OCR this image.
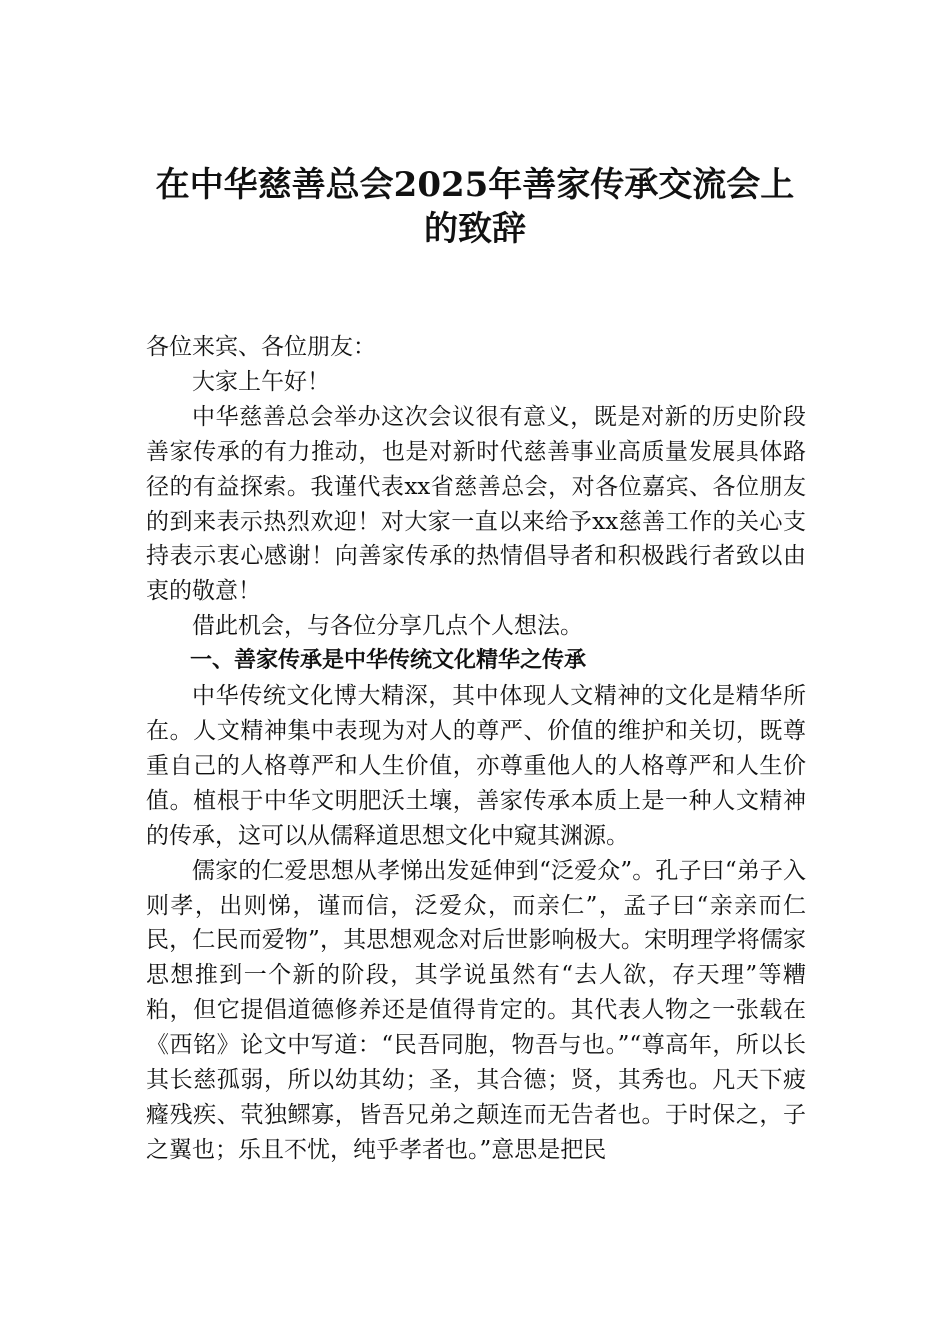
在中华慈善总会2025年善家传承交流会上
的致辞

各位来宾、各位朋友：

大家上午好！

中华慈善总会举办这次会议很有意义，既是对新的历史阶段善家传承的有力推动，也是对新时代慈善事业高质量发展具体路径的有益探索。我谨代表xx省慈善总会，对各位嘉宾、各位朋友的到来表示热烈欢迎！对大家一直以来给予xx慈善工作的关心支持表示衷心感谢！向善家传承的热情倡导者和积极践行者致以由衷的敬意！

借此机会，与各位分享几点个人想法。

一、善家传承是中华传统文化精华之传承

中华传统文化博大精深，其中体现人文精神的文化是精华所在。人文精神集中表现为对人的尊严、价值的维护和关切，既尊重自己的人格尊严和人生价值，亦尊重他人的人格尊严和人生价值。植根于中华文明肥沃土壤，善家传承本质上是一种人文精神的传承，这可以从儒释道思想文化中窥其渊源。

儒家的仁爱思想从孝悌出发延伸到“泛爱众”。孔子曰“弟子入则孝，出则悌，谨而信，泛爱众，而亲仁”，孟子曰“亲亲而仁民，仁民而爱物”，其思想观念对后世影响极大。宋明理学将儒家思想推到一个新的阶段，其学说虽然有“去人欲，存天理”等糟粕，但它提倡道德修养还是值得肯定的。其代表人物之一张载在《西铭》论文中写道：“民吾同胞，物吾与也。”“尊高年，所以长其长慈孤弱，所以幼其幼；圣，其合德；贤，其秀也。凡天下疲癃残疾、茕独鳏寡，皆吾兄弟之颠连而无告者也。于时保之，子之翼也；乐且不忧，纯乎孝者也。”意思是把民
